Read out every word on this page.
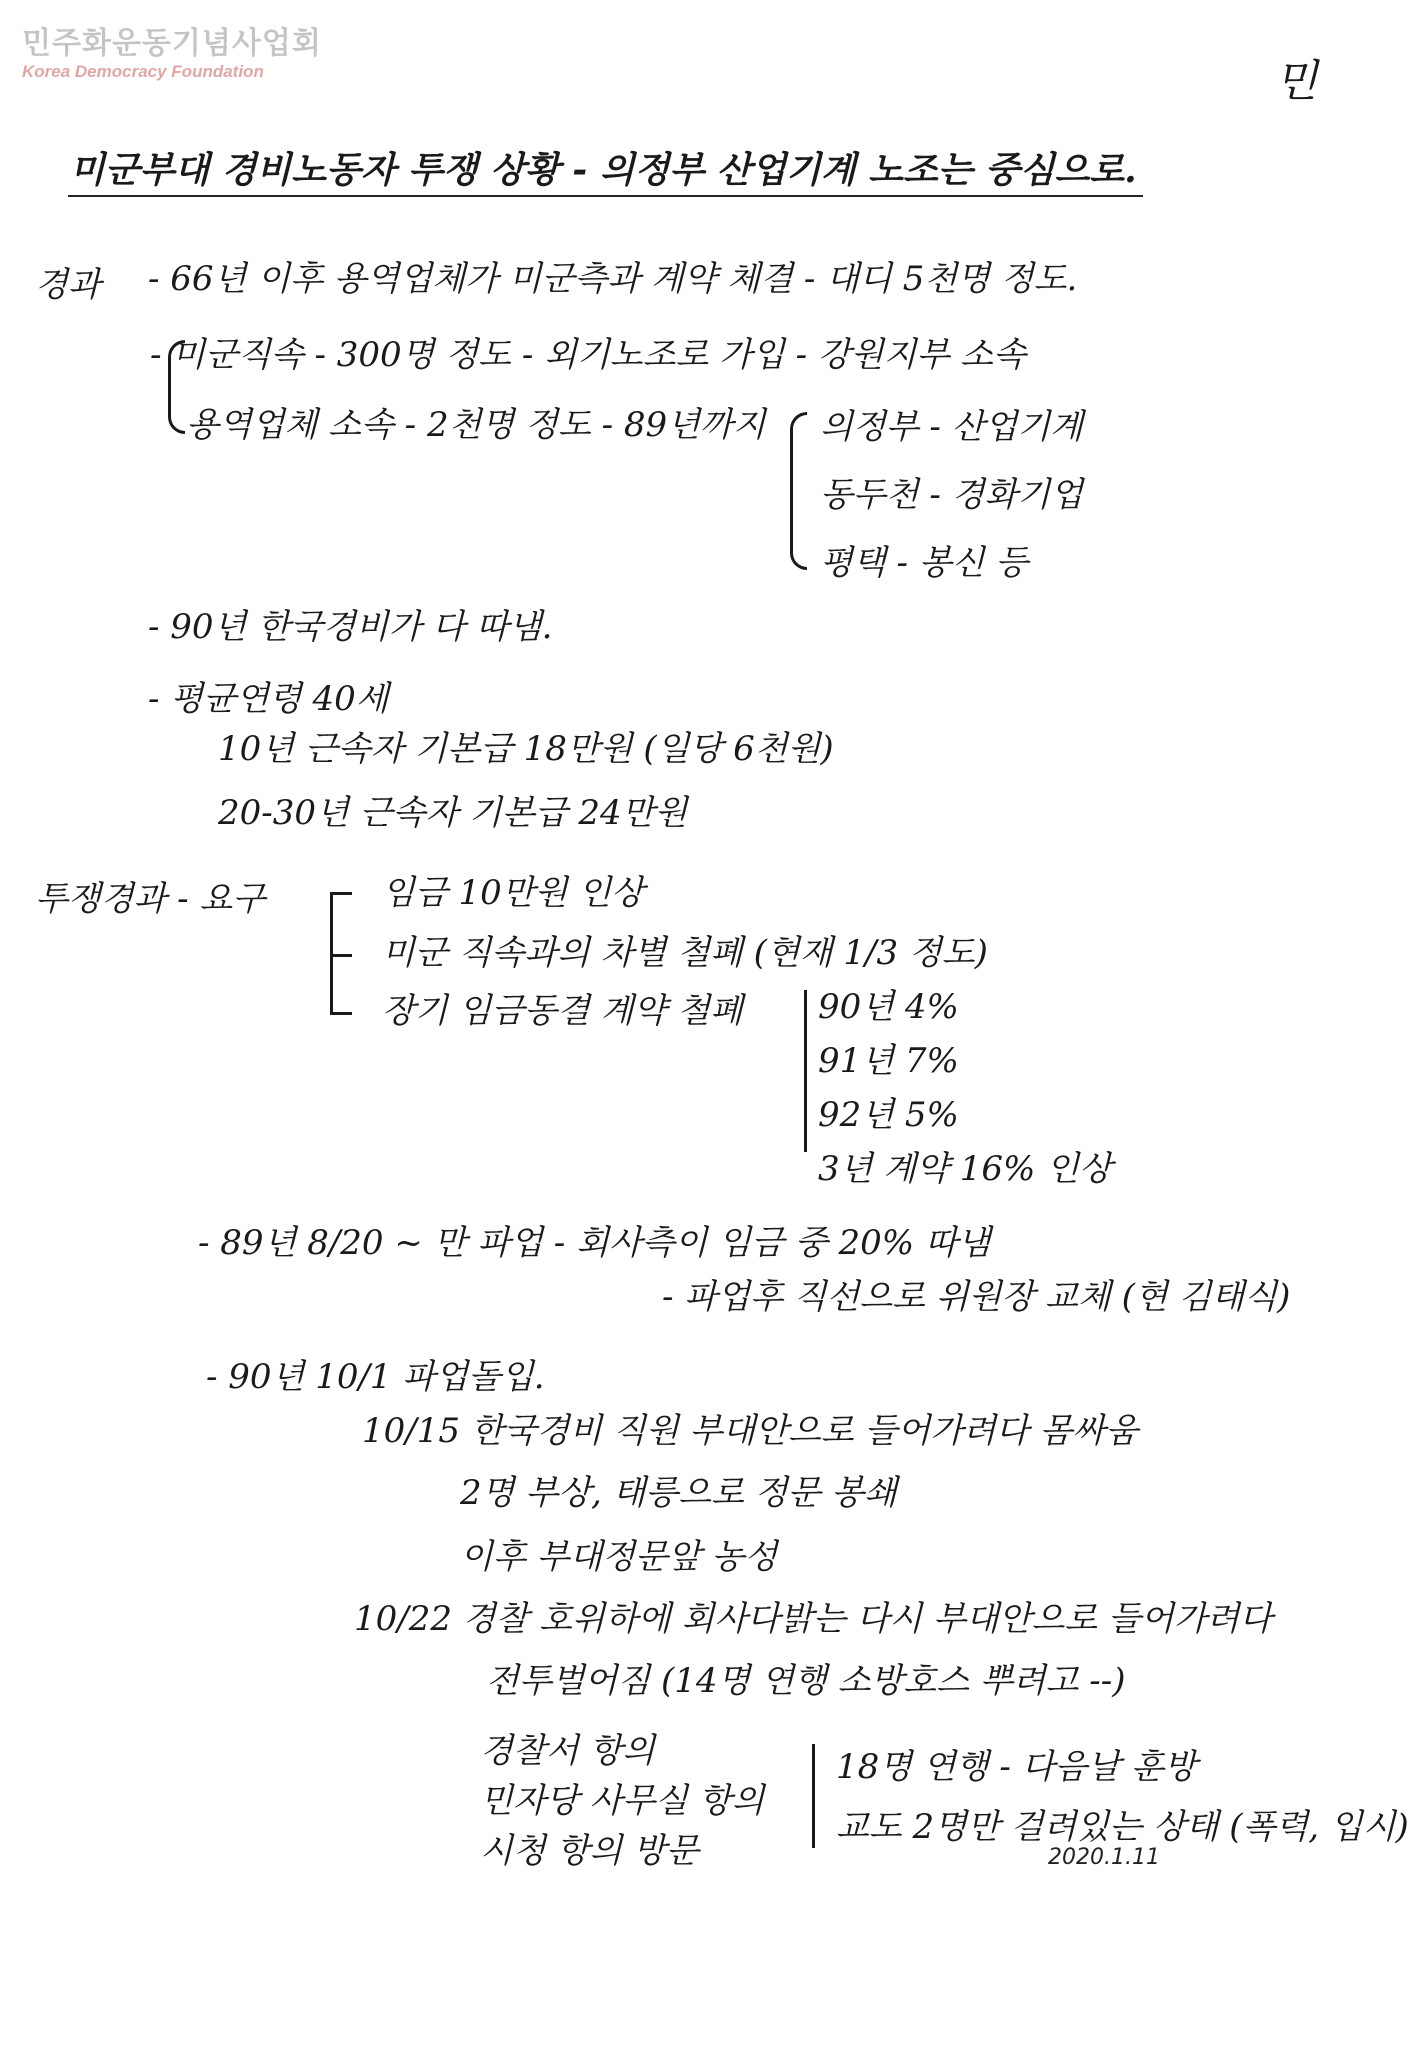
민주화운동기념사업회
Korea Democracy Foundation	민
미군부대 경비노동자 투쟁 상황 - 의정부 산업기계 노조는 중심으로.
경과 - 66년 이후 용역업체가 미군측과 계약 체결 - 대디 5천명 정도.
- 미군직속 - 300명 정도 - 외기노조로 가입 - 강원지부 소속
용역업체 소속 - 2천명 정도 - 89년까지 의정부 - 산업기계
동두천 - 경화기업
평택 - 봉신 등
- 90년 한국경비가 다 따냄.
- 평균연령 40세
10년 근속자 기본급 18만원 (일당 6천원)
20-30년 근속자 기본급 24만원
투쟁경과 - 요구	임금 10만원 인상
미군 직속과의 차별 철폐 (현재 1/3 정도)
장기 임금동결 계약 철폐 90년 4%
91년 7%
92년 5%
3년 계약 16% 인상
- 89년 8/20 ~ 만 파업 - 회사측이 임금 중 20% 따냄
- 파업후 직선으로 위원장 교체 (현 김태식)
- 90년 10/1 파업돌입.
10/15 한국경비 직원 부대안으로 들어가려다 몸싸움
2명 부상, 태릉으로 정문 봉쇄
이후 부대정문앞 농성
10/22 경찰 호위하에 회사다밝는 다시 부대안으로 들어가려다
전투벌어짐 (14명 연행 소방호스 뿌려고 --)
경찰서 항의
민자당 사무실 항의
시청 항의 방문
18명 연행 - 다음날 훈방
교도 2명만 걸려있는 상태 (폭력, 입시)
2020.1.11
